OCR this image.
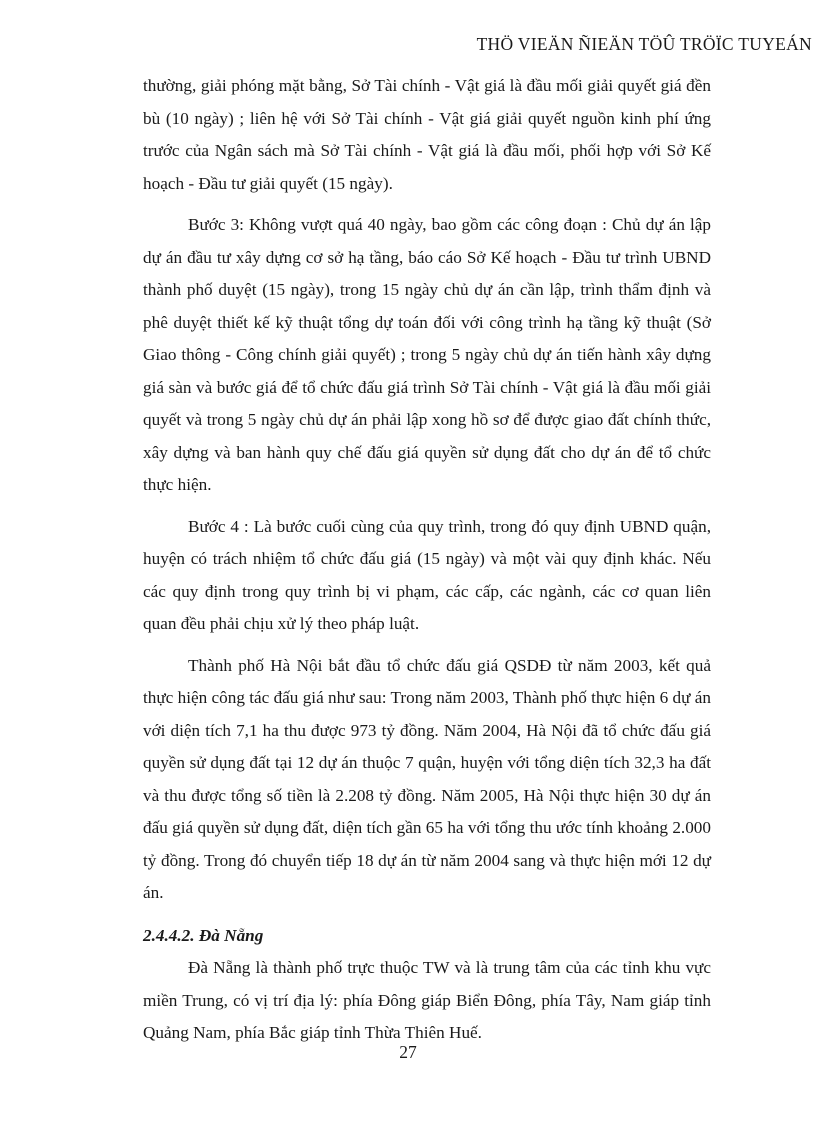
THÖ VIEÄN ÑIEÄN TÖÛ TRÖÏC TUYEÁN

thường, giải phóng mặt bằng, Sở Tài chính - Vật giá là đầu mối giải quyết giá đền bù (10 ngày) ; liên hệ với Sở Tài chính - Vật giá giải quyết nguồn kinh phí ứng trước của Ngân sách mà Sở Tài chính - Vật giá là đầu mối, phối hợp với Sở Kế hoạch - Đầu tư giải quyết (15 ngày).

Bước 3: Không vượt quá 40 ngày, bao gồm các công đoạn : Chủ dự án lập dự án đầu tư xây dựng cơ sở hạ tầng, báo cáo Sở Kế hoạch - Đầu tư trình UBND thành phố duyệt (15 ngày), trong 15 ngày chủ dự án cần lập, trình thẩm định và phê duyệt thiết kế kỹ thuật tổng dự toán đối với công trình hạ tầng kỹ thuật (Sở Giao thông - Công chính giải quyết) ; trong 5 ngày chủ dự án tiến hành xây dựng giá sàn và bước giá để tổ chức đấu giá trình Sở Tài chính - Vật giá là đầu mối giải quyết và trong 5 ngày chủ dự án phải lập xong hồ sơ để được giao đất chính thức, xây dựng và ban hành quy chế đấu giá quyền sử dụng đất cho dự án để tổ chức thực hiện.

Bước 4 : Là bước cuối cùng của quy trình, trong đó quy định UBND quận, huyện có trách nhiệm tổ chức đấu giá (15 ngày) và một vài quy định khác. Nếu các quy định trong quy trình bị vi phạm, các cấp, các ngành, các cơ quan liên quan đều phải chịu xử lý theo pháp luật.

Thành phố Hà Nội bắt đầu tổ chức đấu giá QSDĐ từ năm 2003, kết quả thực hiện công tác đấu giá như sau: Trong năm 2003, Thành phố thực hiện 6 dự án với diện tích 7,1 ha thu được 973 tỷ đồng. Năm 2004, Hà Nội đã tổ chức đấu giá quyền sử dụng đất tại 12 dự án thuộc 7 quận, huyện với tổng diện tích 32,3 ha đất và thu được tổng số tiền là 2.208 tỷ đồng. Năm 2005, Hà Nội thực hiện 30 dự án đấu giá quyền sử dụng đất, diện tích gần 65 ha với tổng thu ước tính khoảng 2.000 tỷ đồng. Trong đó chuyển tiếp 18 dự án từ năm 2004 sang và thực hiện mới 12 dự án.

2.4.4.2. Đà Nẵng

Đà Nẵng là thành phố trực thuộc TW và là trung tâm của các tỉnh khu vực miền Trung, có vị trí địa lý: phía Đông giáp Biển Đông, phía Tây, Nam giáp tỉnh Quảng Nam, phía Bắc giáp tỉnh Thừa Thiên Huế.

27
